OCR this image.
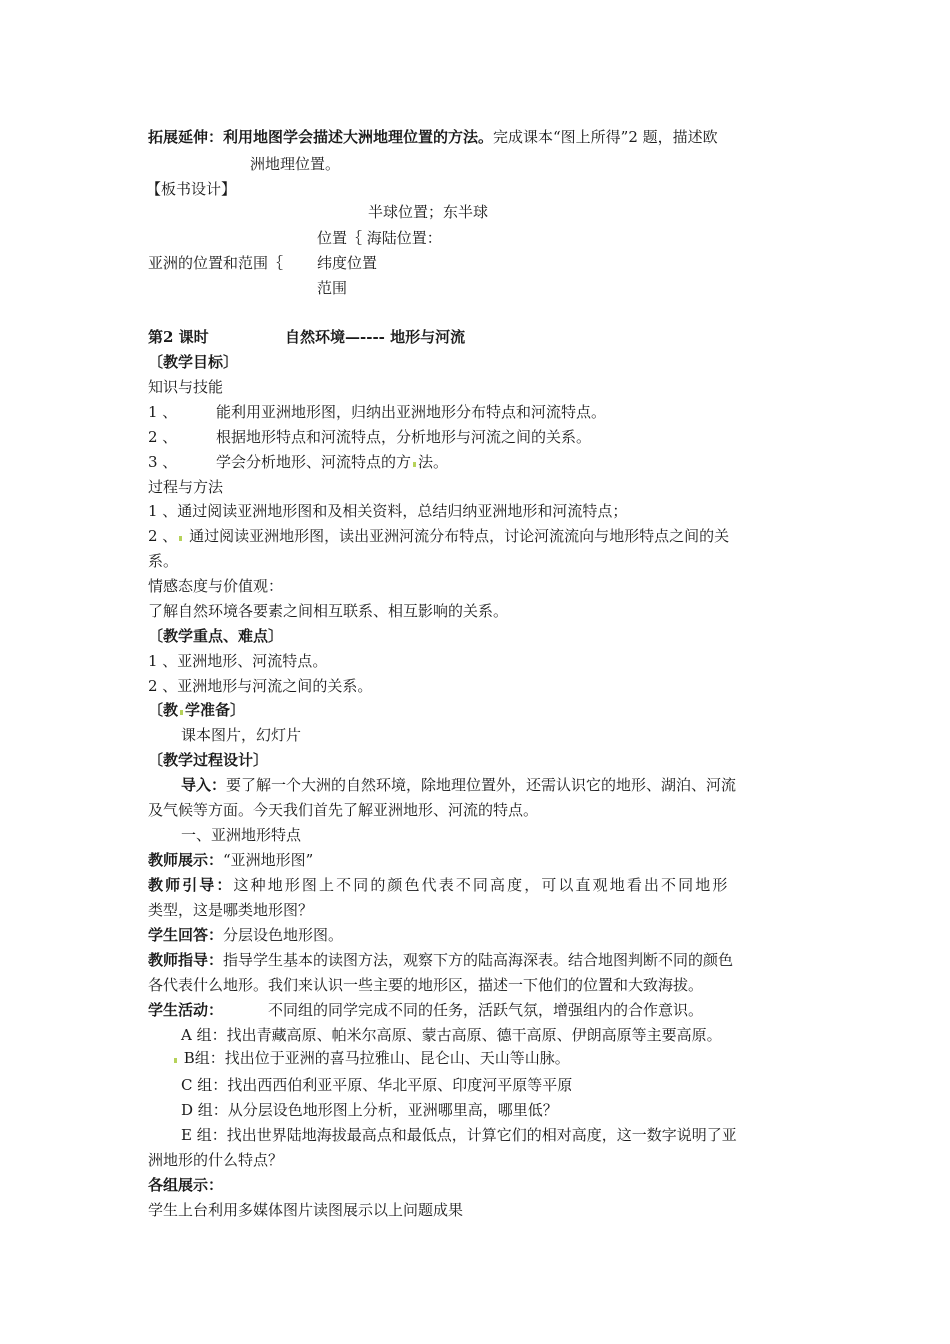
拓展延伸：利用地图学会描述大洲地理位置的方法。完成课本“图上所得”2 题，描述欧
洲地理位置。
【板书设计】
半球位置；东半球
位置｛ 海陆位置：
亚洲的位置和范围｛ 纬度位置
范围
第2 课时	自然环境—---- 地形与河流
〔教学目标〕
知识与技能
1 、	能利用亚洲地形图，归纳出亚洲地形分布特点和河流特点。
2 、	根据地形特点和河流特点，分析地形与河流之间的关系。
3 、	学会分析地形、河流特点的方 法。
过程与方法
1 、通过阅读亚洲地形图和及相关资料，总结归纳亚洲地形和河流特点；
2 、 通过阅读亚洲地形图，读出亚洲河流分布特点，讨论河流流向与地形特点之间的关
系。
情感态度与价值观：
了解自然环境各要素之间相互联系、相互影响的关系。
〔教学重点、难点〕
1 、亚洲地形、河流特点。
2 、亚洲地形与河流之间的关系。
〔教 学准备〕
课本图片，幻灯片
〔教学过程设计〕
导入：要了解一个大洲的自然环境，除地理位置外，还需认识它的地形、湖泊、河流
及气候等方面。今天我们首先了解亚洲地形、河流的特点。
一、亚洲地形特点
教师展示：“亚洲地形图”
教师引导：这种地形图上不同的颜色代表不同高度，可以直观地看出不同地形
类型，这是哪类地形图？
学生回答：分层设色地形图。
教师指导：指导学生基本的读图方法，观察下方的陆高海深表。结合地图判断不同的颜色
各代表什么地形。我们来认识一些主要的地形区，描述一下他们的位置和大致海拔。
学生活动：	不同组的同学完成不同的任务，活跃气氛，增强组内的合作意识。
A 组：找出青藏高原、帕米尔高原、蒙古高原、德干高原、伊朗高原等主要高原。
B组：找出位于亚洲的喜马拉雅山、昆仑山、天山等山脉。
C 组：找出西西伯利亚平原、华北平原、印度河平原等平原
D 组：从分层设色地形图上分析，亚洲哪里高，哪里低？
E 组：找出世界陆地海拔最高点和最低点，计算它们的相对高度，这一数字说明了亚
洲地形的什么特点？
各组展示：
学生上台利用多媒体图片读图展示以上问题成果
